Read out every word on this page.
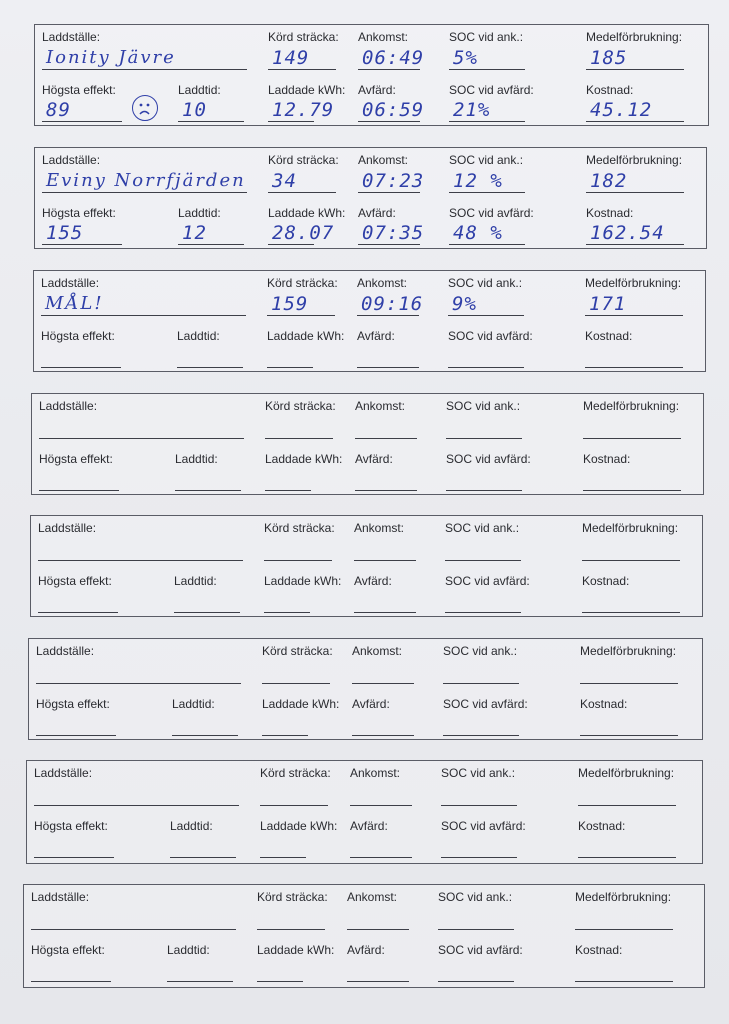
Laddställe:
Ionity Jävre
Körd sträcka:
149
Ankomst:
06:49
SOC vid ank.:
5%
Medelförbrukning:
185
Högsta effekt:
89
Laddtid:
10
Laddade kWh:
12.79
Avfärd:
06:59
SOC vid avfärd:
21%
Kostnad:
45.12
Laddställe:
Eviny Norrfjärden
Körd sträcka:
34
Ankomst:
07:23
SOC vid ank.:
12 %
Medelförbrukning:
182
Högsta effekt:
155
Laddtid:
12
Laddade kWh:
28.07
Avfärd:
07:35
SOC vid avfärd:
48 %
Kostnad:
162.54
Laddställe:
MÅL!
Körd sträcka:
159
Ankomst:
09:16
SOC vid ank.:
9%
Medelförbrukning:
171
Högsta effekt:	Laddtid:	Laddade kWh: Avfärd:	SOC vid avfärd:	Kostnad:
Laddställe:	Körd sträcka: Ankomst:	SOC vid ank.:	Medelförbrukning:
Högsta effekt:	Laddtid:	Laddade kWh: Avfärd:	SOC vid avfärd:	Kostnad:
Laddställe:	Körd sträcka: Ankomst:	SOC vid ank.:	Medelförbrukning:
Högsta effekt:	Laddtid:	Laddade kWh: Avfärd:	SOC vid avfärd:	Kostnad:
Laddställe:	Körd sträcka: Ankomst:	SOC vid ank.:	Medelförbrukning:
Högsta effekt:	Laddtid:	Laddade kWh: Avfärd:	SOC vid avfärd:	Kostnad:
Laddställe:	Körd sträcka: Ankomst:	SOC vid ank.:	Medelförbrukning:
Högsta effekt:	Laddtid:	Laddade kWh: Avfärd:	SOC vid avfärd:	Kostnad:
Laddställe:	Körd sträcka: Ankomst:	SOC vid ank.:	Medelförbrukning:
Högsta effekt:	Laddtid:	Laddade kWh: Avfärd:	SOC vid avfärd:	Kostnad:
